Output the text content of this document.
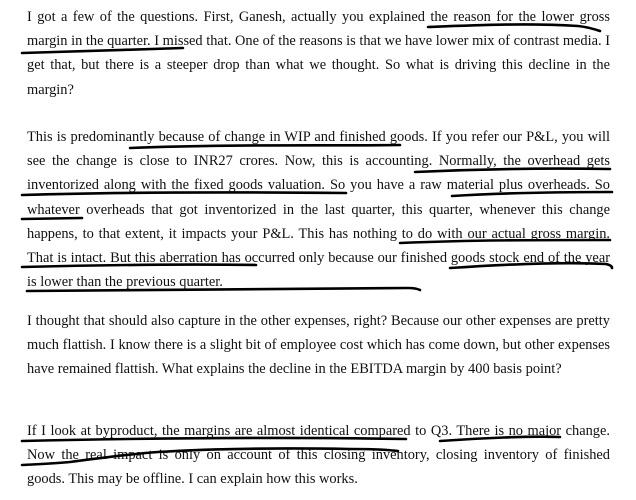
I got a few of the questions. First, Ganesh, actually you explained the reason for the lower gross margin in the quarter. I missed that. One of the reasons is that we have lower mix of contrast media. I get that, but there is a steeper drop than what we thought. So what is driving this decline in the margin?

This is predominantly because of change in WIP and finished goods. If you refer our P&L, you will see the change is close to INR27 crores. Now, this is accounting. Normally, the overhead gets inventorized along with the fixed goods valuation. So you have a raw material plus overheads. So whatever overheads that got inventorized in the last quarter, this quarter, whenever this change happens, to that extent, it impacts your P&L. This has nothing to do with our actual gross margin. That is intact. But this aberration has occurred only because our finished goods stock end of the year is lower than the previous quarter.

I thought that should also capture in the other expenses, right? Because our other expenses are pretty much flattish. I know there is a slight bit of employee cost which has come down, but other expenses have remained flattish. What explains the decline in the EBITDA margin by 400 basis point?

If I look at byproduct, the margins are almost identical compared to Q3. There is no major change. Now the real impact is only on account of this closing inventory, closing inventory of finished goods. This may be offline. I can explain how this works.
